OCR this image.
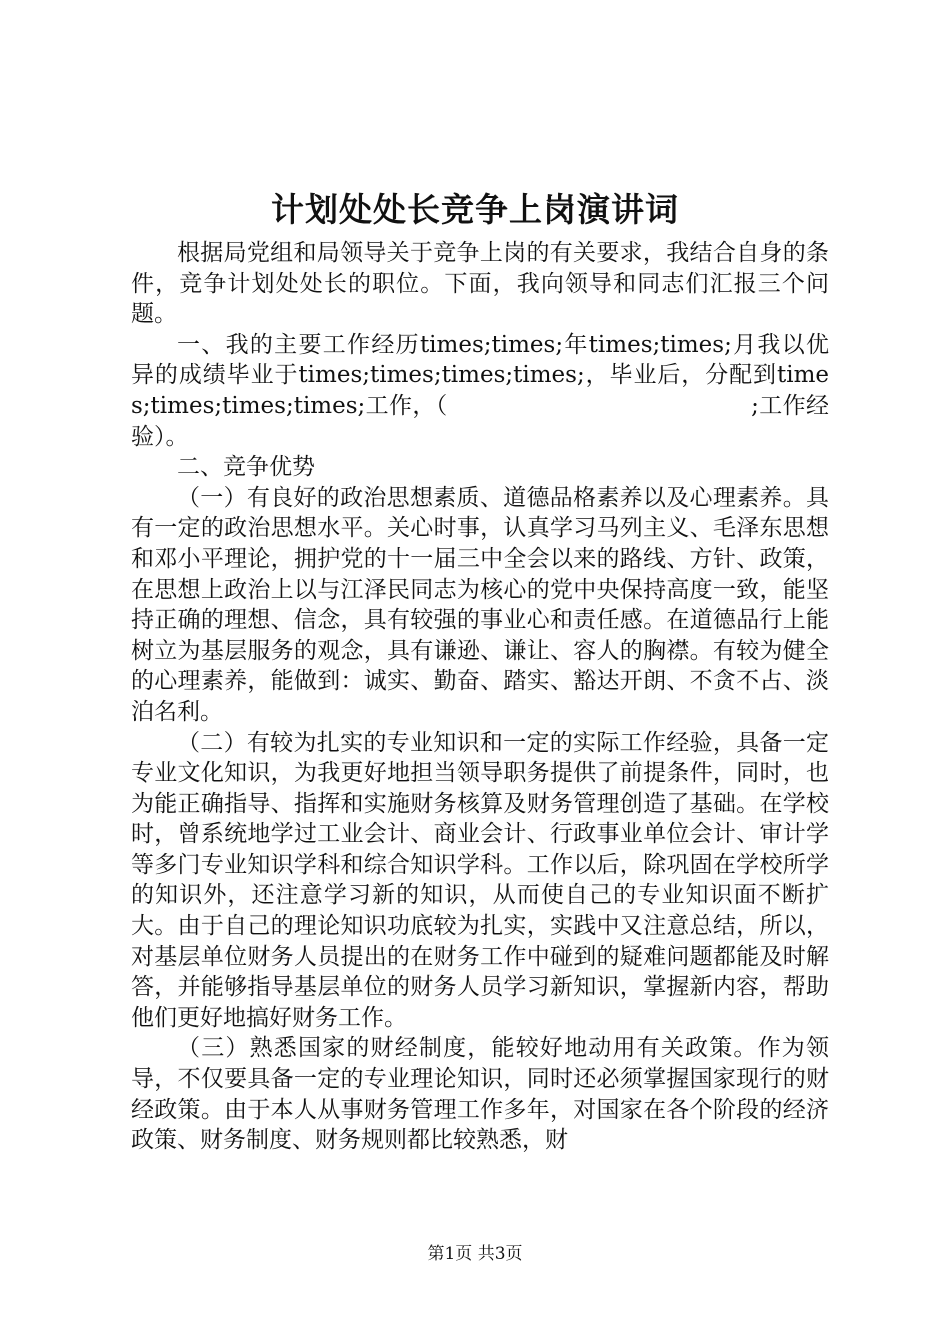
计划处处长竞争上岗演讲词

根据局党组和局领导关于竞争上岗的有关要求，我结合自身的条件，竞争计划处处长的职位。下面，我向领导和同志们汇报三个问题。

一、我的主要工作经历times;times;年times;times;月我以优异的成绩毕业于times;times;times;times;，毕业后，分配到times;times;times;times;工作，（　　　　　　　　　　　　　;工作经验）。

二、竞争优势

（一）有良好的政治思想素质、道德品格素养以及心理素养。具有一定的政治思想水平。关心时事，认真学习马列主义、毛泽东思想和邓小平理论，拥护党的十一届三中全会以来的路线、方针、政策，在思想上政治上以与江泽民同志为核心的党中央保持高度一致，能坚持正确的理想、信念，具有较强的事业心和责任感。在道德品行上能树立为基层服务的观念，具有谦逊、谦让、容人的胸襟。有较为健全的心理素养，能做到：诚实、勤奋、踏实、豁达开朗、不贪不占、淡泊名利。

（二）有较为扎实的专业知识和一定的实际工作经验，具备一定专业文化知识，为我更好地担当领导职务提供了前提条件，同时，也为能正确指导、指挥和实施财务核算及财务管理创造了基础。在学校时，曾系统地学过工业会计、商业会计、行政事业单位会计、审计学等多门专业知识学科和综合知识学科。工作以后，除巩固在学校所学的知识外，还注意学习新的知识，从而使自己的专业知识面不断扩大。由于自己的理论知识功底较为扎实，实践中又注意总结，所以，对基层单位财务人员提出的在财务工作中碰到的疑难问题都能及时解答，并能够指导基层单位的财务人员学习新知识，掌握新内容，帮助他们更好地搞好财务工作。

（三）熟悉国家的财经制度，能较好地动用有关政策。作为领导，不仅要具备一定的专业理论知识，同时还必须掌握国家现行的财经政策。由于本人从事财务管理工作多年，对国家在各个阶段的经济政策、财务制度、财务规则都比较熟悉，财

第1页 共3页
